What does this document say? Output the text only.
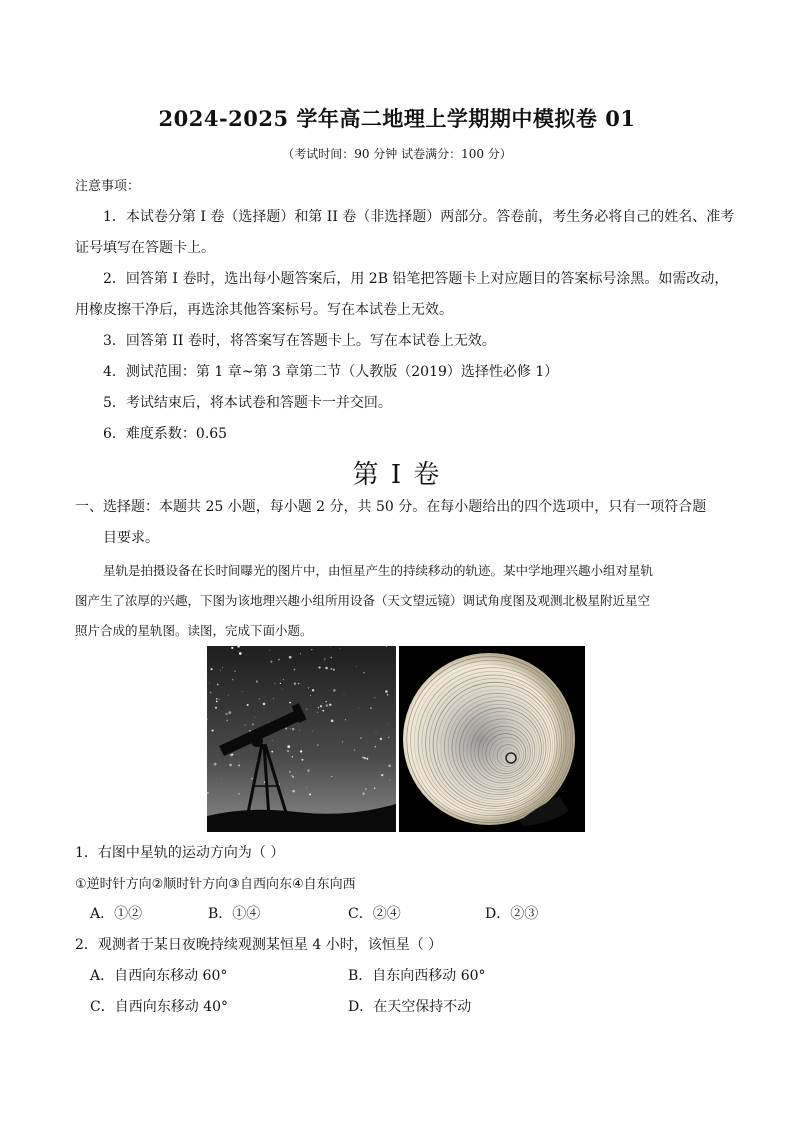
2024-2025 学年高二地理上学期期中模拟卷 01
（考试时间：90 分钟 试卷满分：100 分）
注意事项：
1．本试卷分第 I 卷（选择题）和第 II 卷（非选择题）两部分。答卷前，考生务必将自己的姓名、准考
证号填写在答题卡上。
2．回答第 I 卷时，选出每小题答案后，用 2B 铅笔把答题卡上对应题目的答案标号涂黑。如需改动，
用橡皮擦干净后，再选涂其他答案标号。写在本试卷上无效。
3．回答第 II 卷时，将答案写在答题卡上。写在本试卷上无效。
4．测试范围：第 1 章~第 3 章第二节（人教版（2019）选择性必修 1）
5．考试结束后，将本试卷和答题卡一并交回。
6．难度系数：0.65
第 I 卷
一、选择题：本题共 25 小题，每小题 2 分，共 50 分。在每小题给出的四个选项中，只有一项符合题
目要求。
星轨是拍摄设备在长时间曝光的图片中，由恒星产生的持续移动的轨迹。某中学地理兴趣小组对星轨
图产生了浓厚的兴趣，下图为该地理兴趣小组所用设备（天文望远镜）调试角度图及观测北极星附近星空
照片合成的星轨图。读图，完成下面小题。
1．右图中星轨的运动方向为（ ）
①逆时针方向②顺时针方向③自西向东④自东向西
A．①②	B．①④	C．②④	D．②③
2．观测者于某日夜晚持续观测某恒星 4 小时，该恒星（ ）
A．自西向东移动 60°	B．自东向西移动 60°
C．自西向东移动 40°	D．在天空保持不动
